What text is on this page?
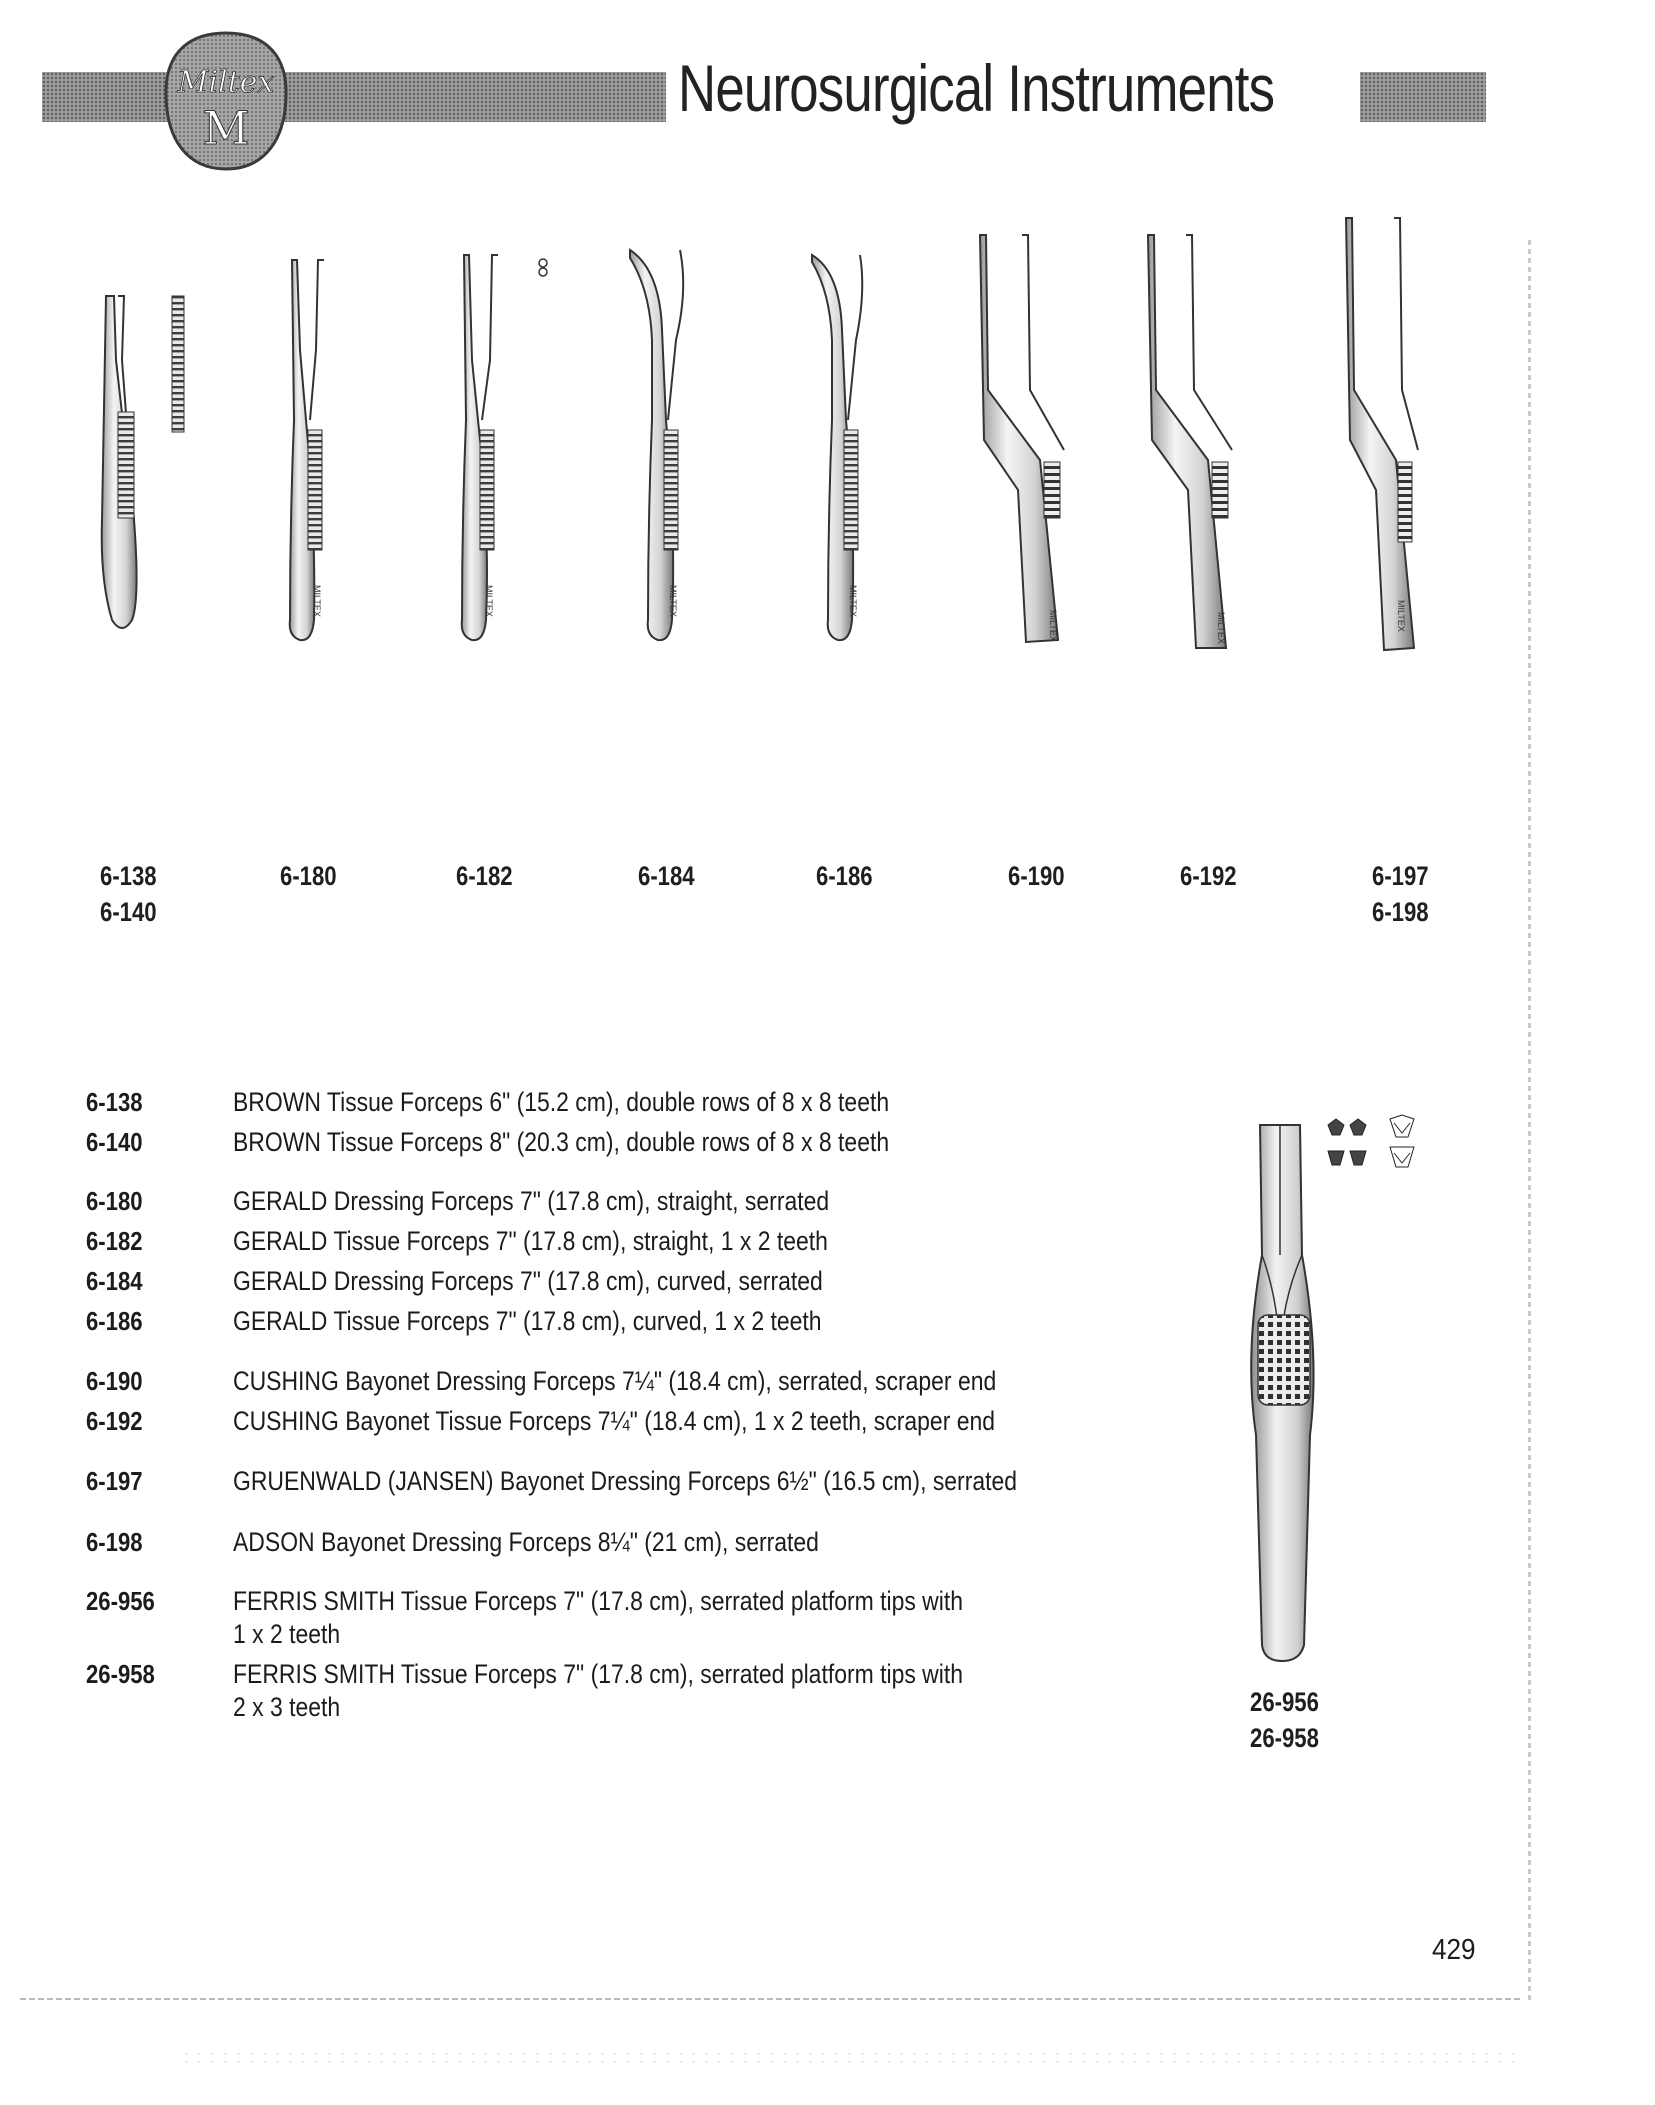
Miltex
M
Neurosurgical Instruments
MILTEX	MILTEX	MILTEX	MILTEX
MILTEX	MILTEX	MILTEX
6-138
6-140
6-180	6-182	6-184	6-186	6-190	6-192	6-197
6-198
6-138	BROWN Tissue Forceps 6" (15.2 cm), double rows of 8 x 8 teeth
6-140	BROWN Tissue Forceps 8" (20.3 cm), double rows of 8 x 8 teeth
6-180	GERALD Dressing Forceps 7" (17.8 cm), straight, serrated
6-182	GERALD Tissue Forceps 7" (17.8 cm), straight, 1 x 2 teeth
6-184	GERALD Dressing Forceps 7" (17.8 cm), curved, serrated
6-186	GERALD Tissue Forceps 7" (17.8 cm), curved, 1 x 2 teeth
6-190	CUSHING Bayonet Dressing Forceps 7¼" (18.4 cm), serrated, scraper end
6-192	CUSHING Bayonet Tissue Forceps 7¼" (18.4 cm), 1 x 2 teeth, scraper end
6-197	GRUENWALD (JANSEN) Bayonet Dressing Forceps 6½" (16.5 cm), serrated
6-198	ADSON Bayonet Dressing Forceps 8¼" (21 cm), serrated
26-956	FERRIS SMITH Tissue Forceps 7" (17.8 cm), serrated platform tips with
1 x 2 teeth
26-958	FERRIS SMITH Tissue Forceps 7" (17.8 cm), serrated platform tips with
2 x 3 teeth	26-956
26-958
429
